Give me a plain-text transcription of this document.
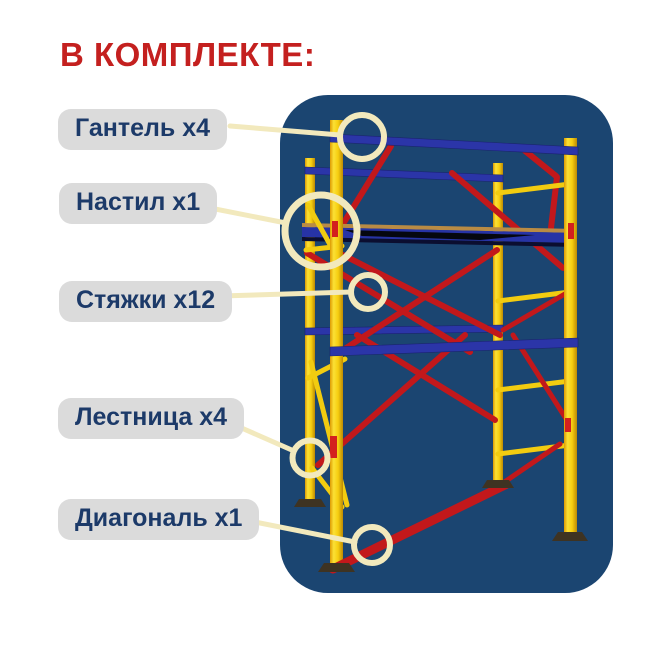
В КОМПЛЕКТЕ:
Гантель x4
Настил x1
Стяжки x12
Лестница x4
Диагональ x1
